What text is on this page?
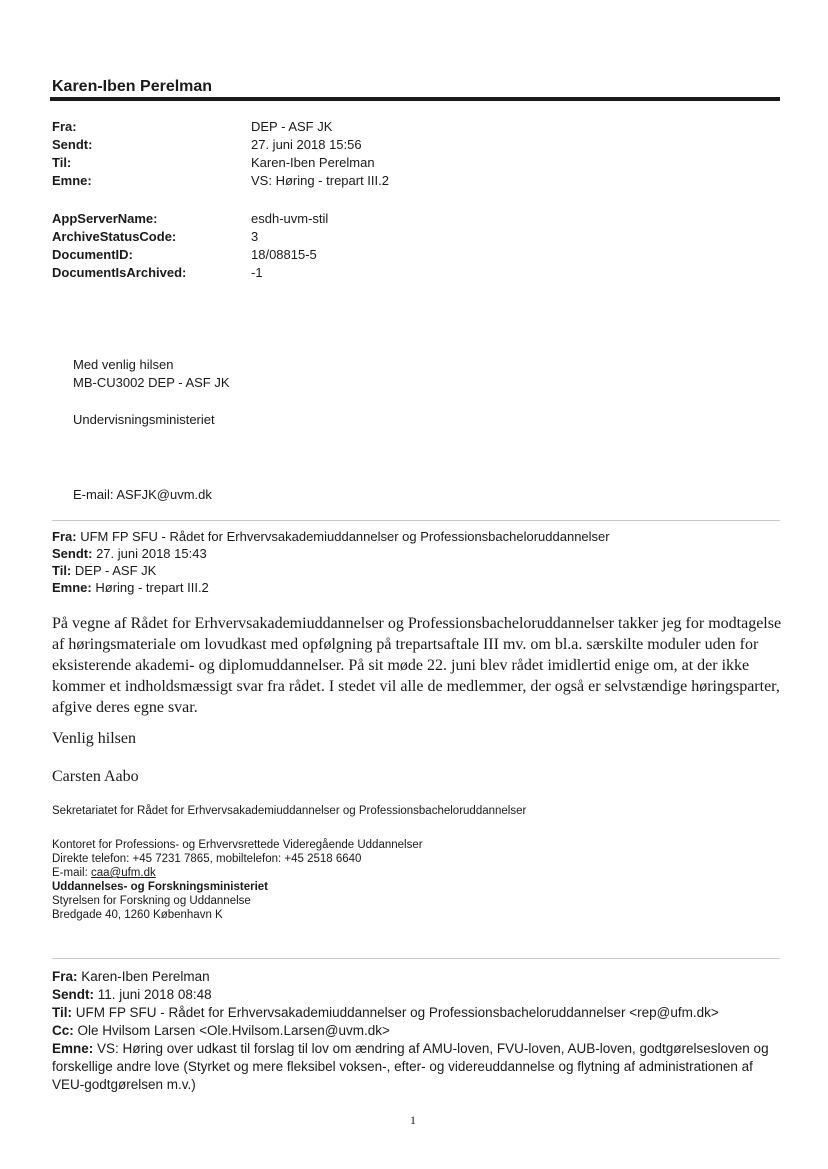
Karen-Iben Perelman
Fra:	DEP - ASF JK
Sendt:	27. juni 2018 15:56
Til:	Karen-Iben Perelman
Emne:	VS: Høring - trepart III.2
AppServerName:	esdh-uvm-stil
ArchiveStatusCode:	3
DocumentID:	18/08815-5
DocumentIsArchived:	-1
Med venlig hilsen
MB-CU3002 DEP - ASF JK
Undervisningsministeriet
E-mail: ASFJK@uvm.dk
Fra: UFM FP SFU - Rådet for Erhvervsakademiuddannelser og Professionsbacheloruddannelser
Sendt: 27. juni 2018 15:43
Til: DEP - ASF JK
Emne: Høring - trepart III.2
På vegne af Rådet for Erhvervsakademiuddannelser og Professionsbacheloruddannelser takker jeg for modtagelse af høringsmateriale om lovudkast med opfølgning på trepartsaftale III mv. om bl.a. særskilte moduler uden for eksisterende akademi- og diplomuddannelser. På sit møde 22. juni blev rådet imidlertid enige om, at der ikke kommer et indholdsmæssigt svar fra rådet. I stedet vil alle de medlemmer, der også er selvstændige høringsparter, afgive deres egne svar.
Venlig hilsen
Carsten Aabo
Sekretariatet for Rådet for Erhvervsakademiuddannelser og Professionsbacheloruddannelser
Kontoret for Professions- og Erhvervsrettede Videregående Uddannelser
Direkte telefon: +45 7231 7865, mobiltelefon: +45 2518 6640
E-mail: caa@ufm.dk
Uddannelses- og Forskningsministeriet
Styrelsen for Forskning og Uddannelse
Bredgade 40, 1260 København K
Fra: Karen-Iben Perelman
Sendt: 11. juni 2018 08:48
Til: UFM FP SFU - Rådet for Erhvervsakademiuddannelser og Professionsbacheloruddannelser <rep@ufm.dk>
Cc: Ole Hvilsom Larsen <Ole.Hvilsom.Larsen@uvm.dk>
Emne: VS: Høring over udkast til forslag til lov om ændring af AMU-loven, FVU-loven, AUB-loven, godtgørelsesloven og forskellige andre love (Styrket og mere fleksibel voksen-, efter- og videreuddannelse og flytning af administrationen af VEU-godtgørelsen m.v.)
1
